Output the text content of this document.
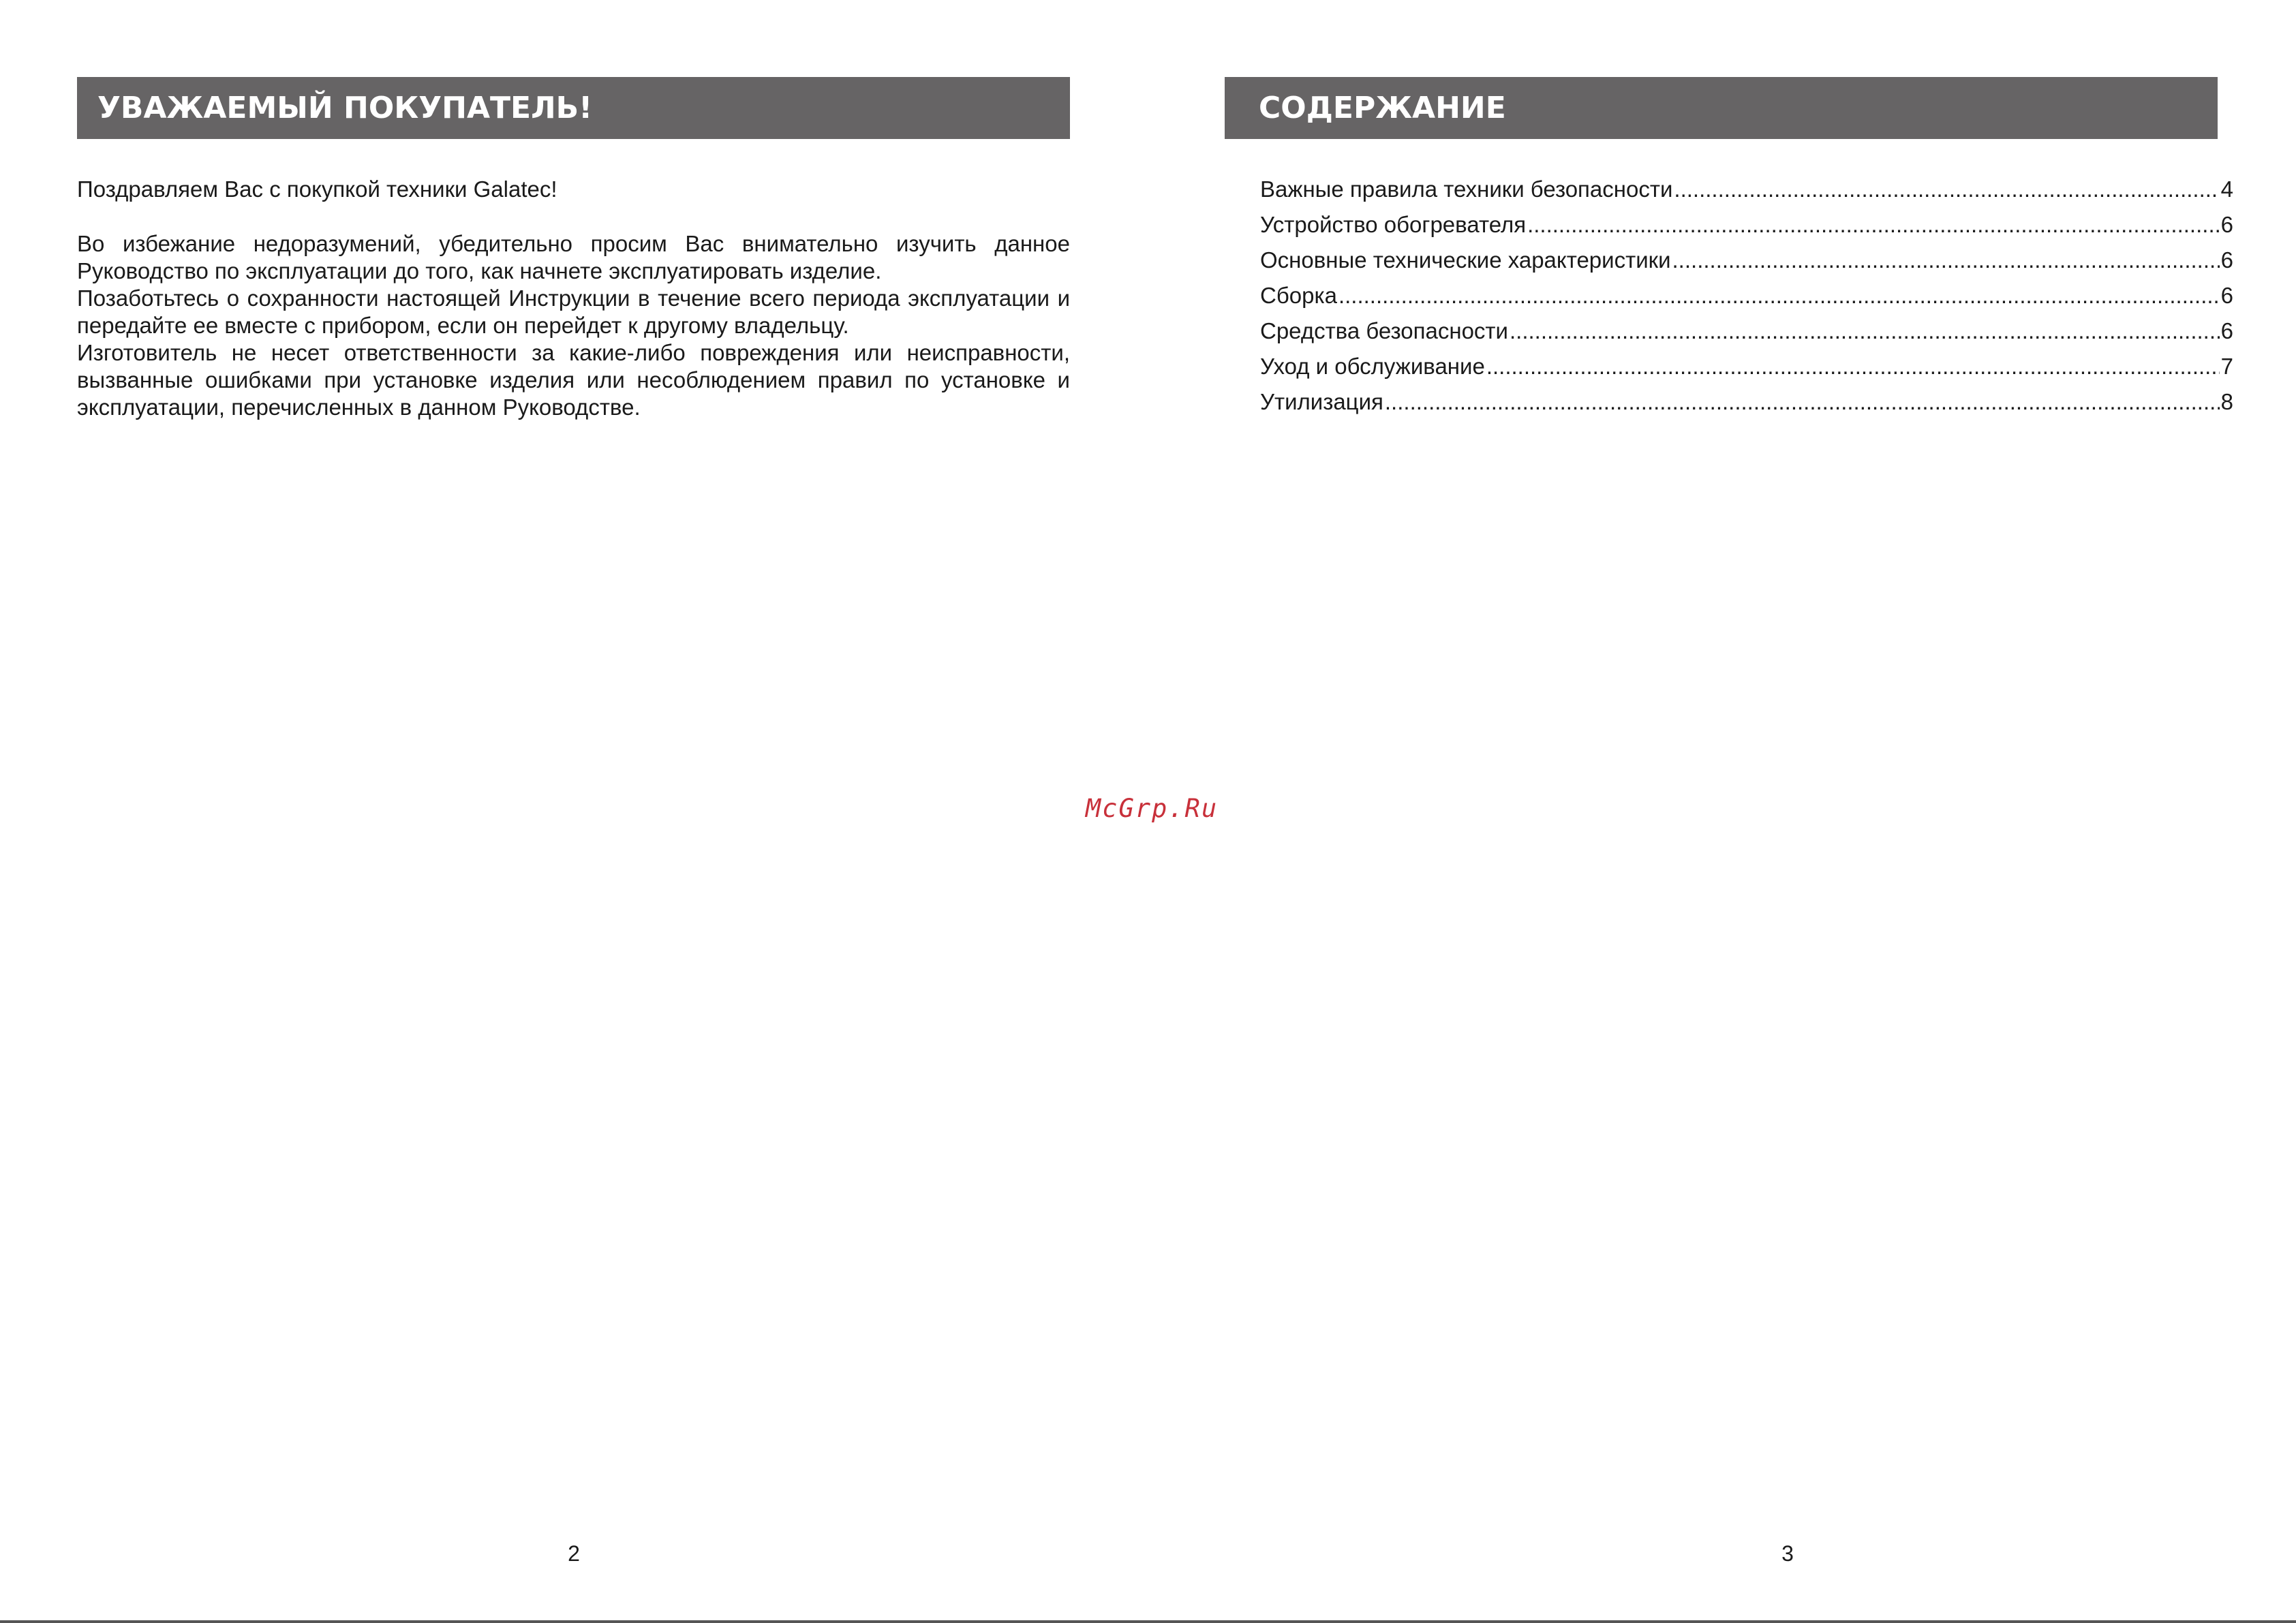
УВАЖАЕМЫЙ ПОКУПАТЕЛЬ!
Поздравляем Вас с покупкой техники Galatec!

Во избежание недоразумений, убедительно просим Вас внимательно изучить данное Руководство по эксплуатации до того, как начнете эксплуатировать изделие.

Позаботьтесь о сохранности настоящей Инструкции в течение всего периода эксплуатации и передайте ее вместе с прибором, если он перейдет к другому владельцу.

Изготовитель не несет ответственности за какие-либо повреждения или неисправности, вызванные ошибками при установке изделия или несоблюдением правил по установке и эксплуатации, перечисленных в данном Руководстве.

2
СОДЕРЖАНИЕ
Важные правила техники безопасности .....	4
Устройство обогревателя .....	6
Основные технические характеристики .....	6
Сборка .....	6
Средства безопасности .....	6
Уход и обслуживание .....	7
Утилизация .....	8
3
McGrp.Ru
